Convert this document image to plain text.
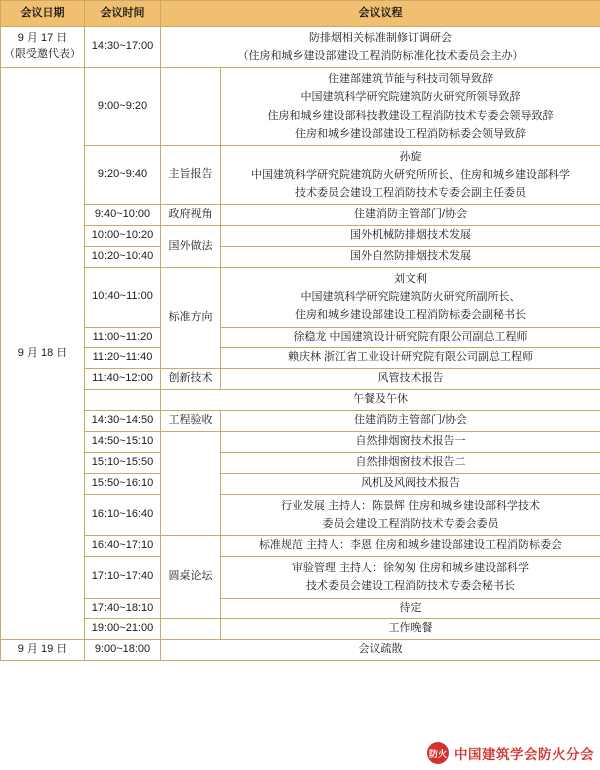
会议日期	会议时间	会议议程	
9 月 17 日
（限受邀代表）	14:30~17:00	防排烟相关标准制修订调研会
（住房和城乡建设部建设工程消防标准化技术委员会主办）	

9 月 18 日	9:00~9:20		住建部建筑节能与科技司领导致辞
中国建筑科学研究院建筑防火研究所领导致辞
住房和城乡建设部科技教建设工程消防技术专委会领导致辞
住房和城乡建设部建设工程消防标委会领导致辞

	9:20~9:40	主旨报告	孙旋
中国建筑科学研究院建筑防火研究所所长、住房和城乡建设部科学
技术委员会建设工程消防技术专委会副主任委员

	9:40~10:00	政府视角	住建消防主管部门/协会

	10:00~10:20	国外做法	国外机械防排烟技术发展

	10:20~10:40		国外自然防排烟技术发展

	10:40~11:00	标准方向	刘文利
中国建筑科学研究院建筑防火研究所副所长、
住房和城乡建设部建设工程消防标委会副秘书长

	11:00~11:20		徐稳龙 中国建筑设计研究院有限公司副总工程师

	11:20~11:40		赖庆林 浙江省工业设计研究院有限公司副总工程师

	11:40~12:00	创新技术	风管技术报告

		午餐及午休	

	14:30~14:50	工程验收	住建消防主管部门/协会

	14:50~15:10		自然排烟窗技术报告一

	15:10~15:50		自然排烟窗技术报告二

	15:50~16:10		风机及风阀技术报告

	16:10~16:40		行业发展 主持人：陈景辉 住房和城乡建设部科学技术
委员会建设工程消防技术专委会委员

	16:40~17:10	圆桌论坛	标准规范 主持人：李恩 住房和城乡建设部建设工程消防标委会

	17:10~17:40		审验管理 主持人：徐匆匆 住房和城乡建设部科学
技术委员会建设工程消防技术专委会秘书长

	17:40~18:10		待定

	19:00~21:00		工作晚餐

9 月 19 日	9:00~18:00	会议疏散	
防火 中国建筑学会防火分会
